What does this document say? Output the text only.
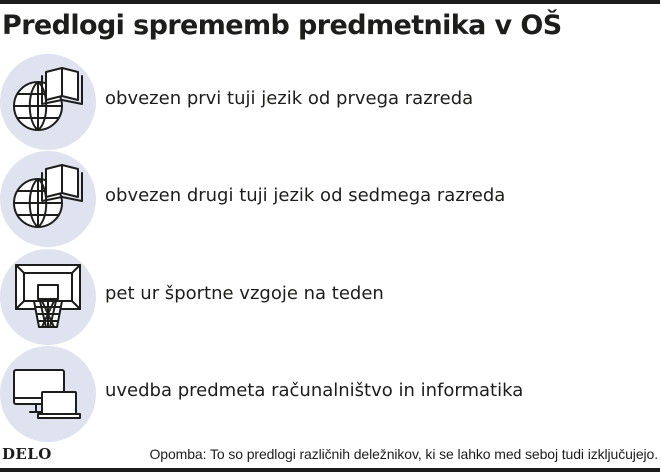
Predlogi sprememb predmetnika v OŠ
obvezen prvi tuji jezik od prvega razreda
obvezen drugi tuji jezik od sedmega razreda
pet ur športne vzgoje na teden
uvedba predmeta računalništvo in informatika
DELO	Opomba: To so predlogi različnih deležnikov, ki se lahko med seboj tudi izključujejo.
